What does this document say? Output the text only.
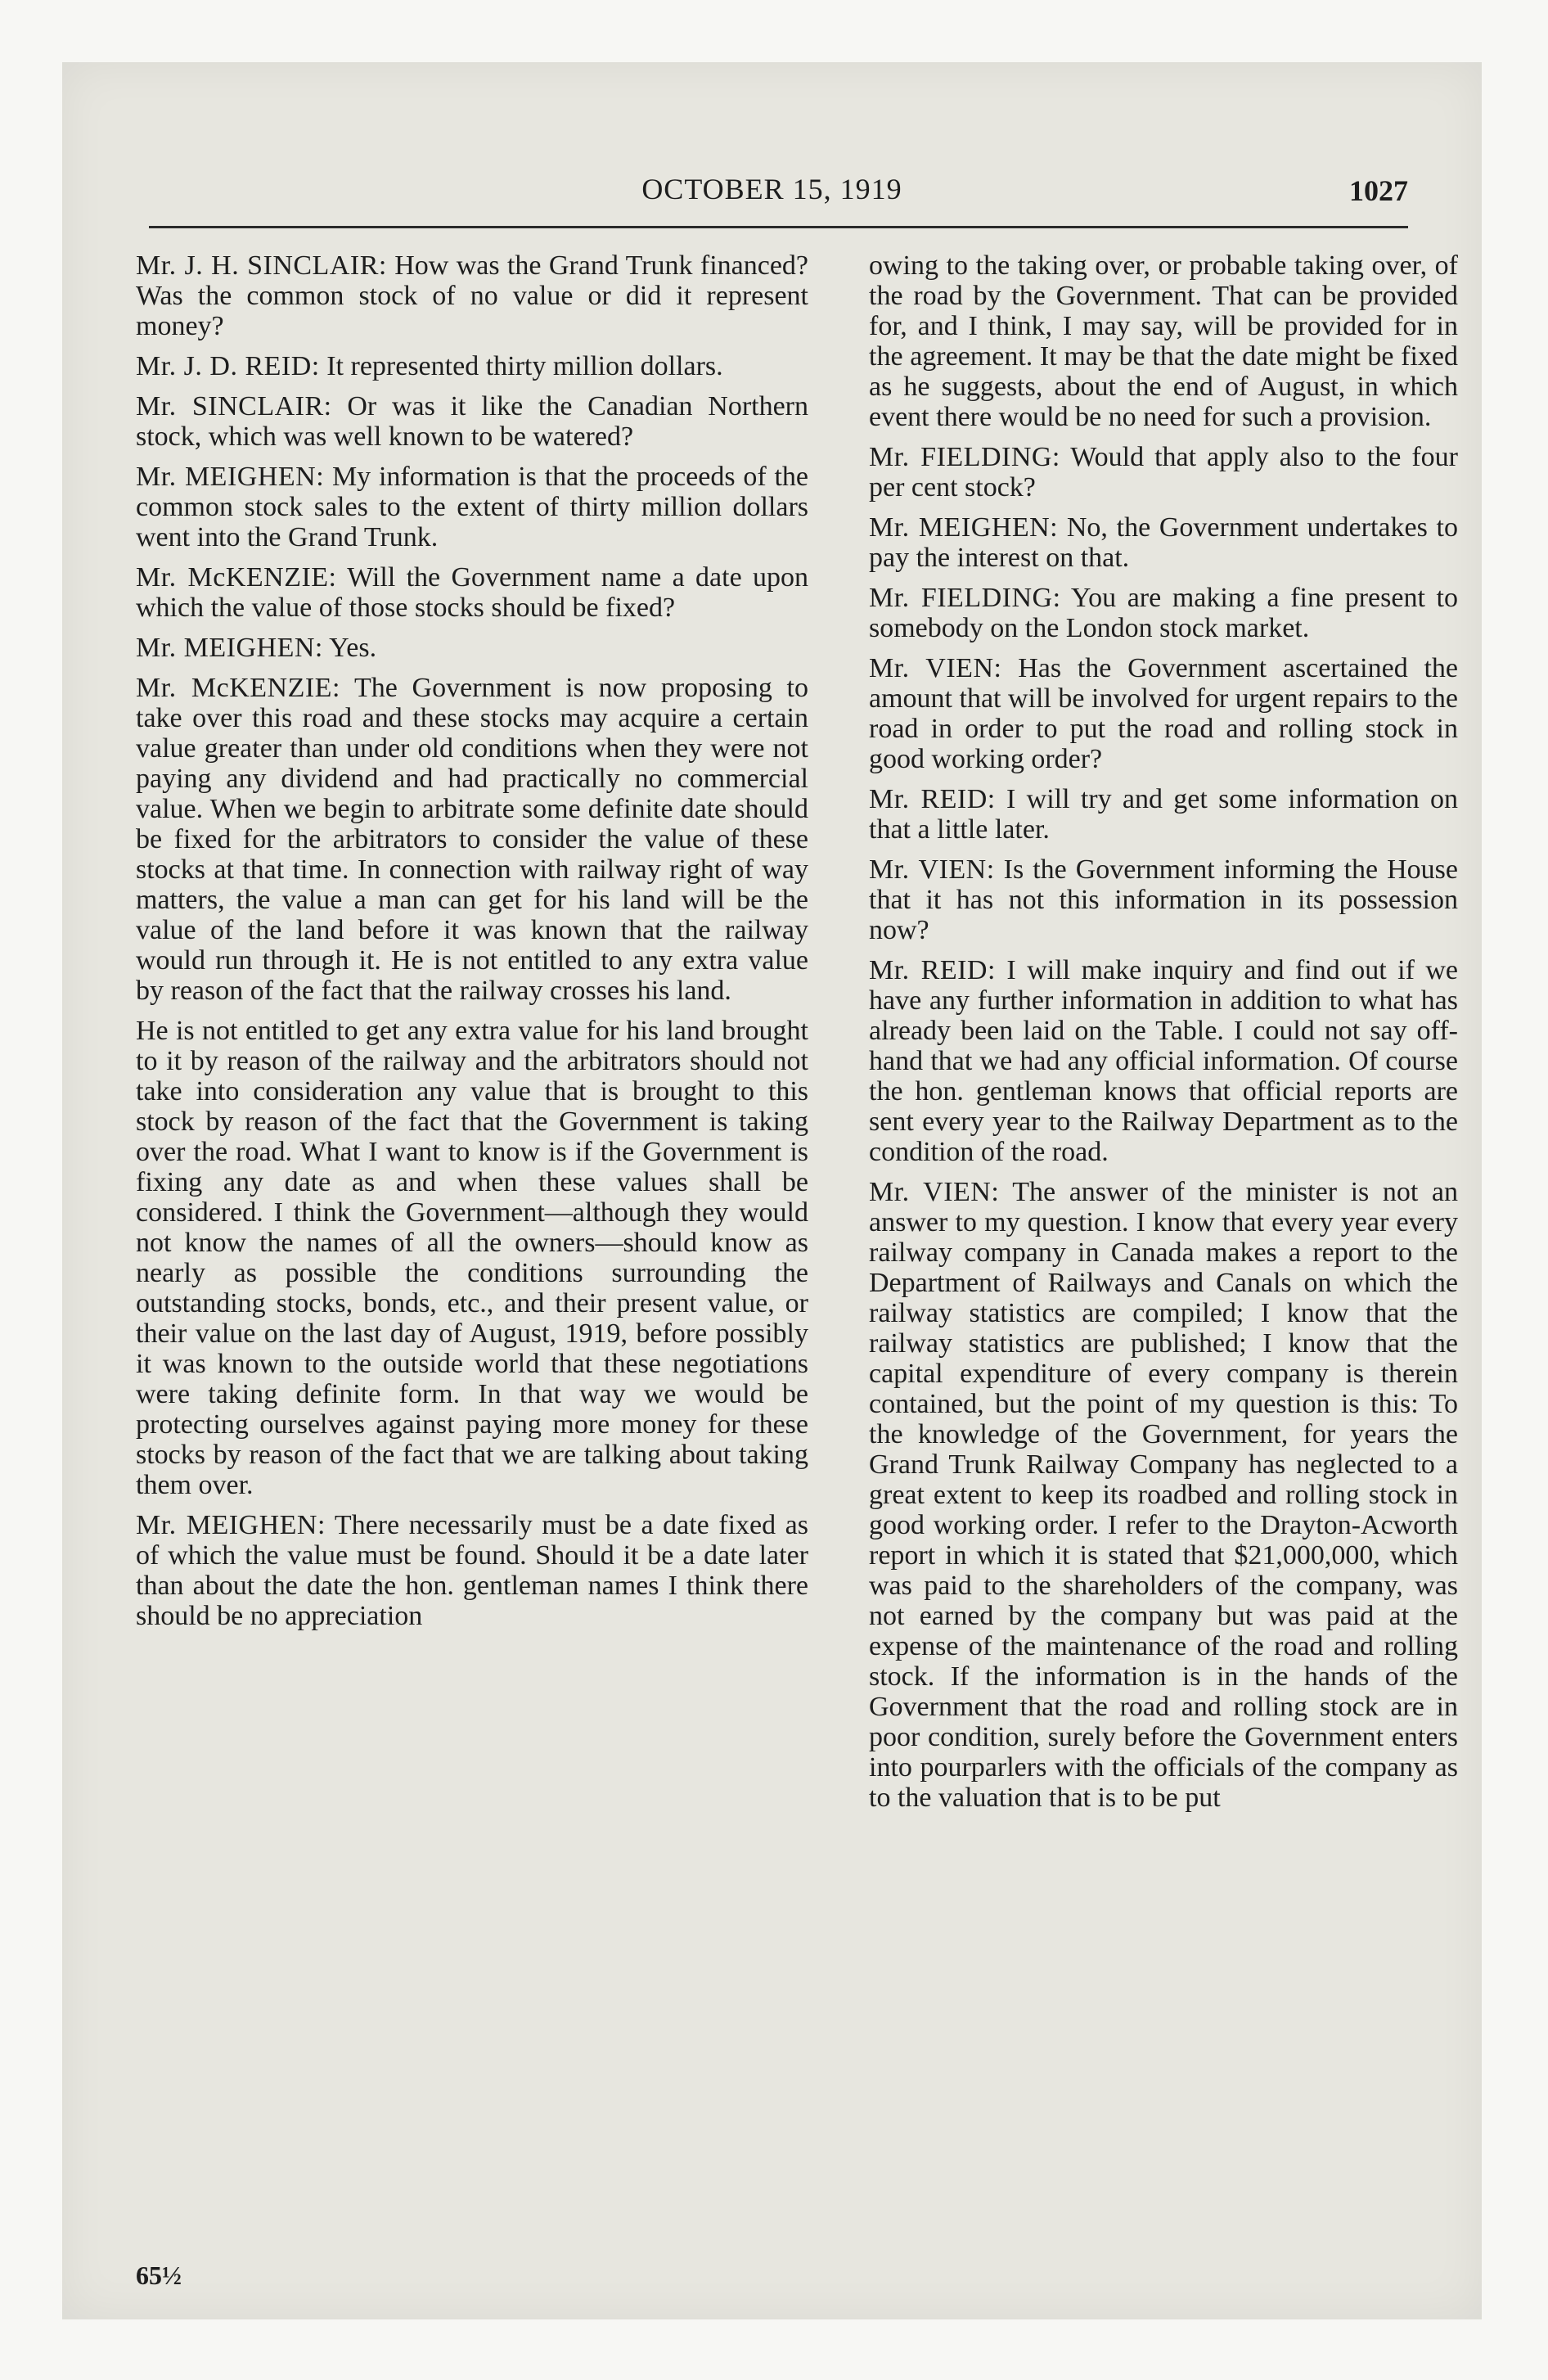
OCTOBER 15, 1919	1027

Mr. J. H. SINCLAIR: How was the Grand Trunk financed? Was the common stock of no value or did it represent money?

Mr. J. D. REID: It represented thirty million dollars.

Mr. SINCLAIR: Or was it like the Canadian Northern stock, which was well known to be watered?

Mr. MEIGHEN: My information is that the proceeds of the common stock sales to the extent of thirty million dollars went into the Grand Trunk.

Mr. McKENZIE: Will the Government name a date upon which the value of those stocks should be fixed?

Mr. MEIGHEN: Yes.

Mr. McKENZIE: The Government is now proposing to take over this road and these stocks may acquire a certain value greater than under old conditions when they were not paying any dividend and had practically no commercial value. When we begin to arbitrate some definite date should be fixed for the arbitrators to consider the value of these stocks at that time. In connection with railway right of way matters, the value a man can get for his land will be the value of the land before it was known that the railway would run through it. He is not entitled to any extra value by reason of the fact that the railway crosses his land.

He is not entitled to get any extra value for his land brought to it by reason of the railway and the arbitrators should not take into consideration any value that is brought to this stock by reason of the fact that the Government is taking over the road. What I want to know is if the Government is fixing any date as and when these values shall be considered. I think the Government—although they would not know the names of all the owners—should know as nearly as possible the conditions surrounding the outstanding stocks, bonds, etc., and their present value, or their value on the last day of August, 1919, before possibly it was known to the outside world that these negotiations were taking definite form. In that way we would be protecting ourselves against paying more money for these stocks by reason of the fact that we are talking about taking them over.

Mr. MEIGHEN: There necessarily must be a date fixed as of which the value must be found. Should it be a date later than about the date the hon. gentleman names I think there should be no appreciation

owing to the taking over, or probable taking over, of the road by the Government. That can be provided for, and I think, I may say, will be provided for in the agreement. It may be that the date might be fixed as he suggests, about the end of August, in which event there would be no need for such a provision.

Mr. FIELDING: Would that apply also to the four per cent stock?

Mr. MEIGHEN: No, the Government undertakes to pay the interest on that.

Mr. FIELDING: You are making a fine present to somebody on the London stock market.

Mr. VIEN: Has the Government ascertained the amount that will be involved for urgent repairs to the road in order to put the road and rolling stock in good working order?

Mr. REID: I will try and get some information on that a little later.

Mr. VIEN: Is the Government informing the House that it has not this information in its possession now?

Mr. REID: I will make inquiry and find out if we have any further information in addition to what has already been laid on the Table. I could not say off-hand that we had any official information. Of course the hon. gentleman knows that official reports are sent every year to the Railway Department as to the condition of the road.

Mr. VIEN: The answer of the minister is not an answer to my question. I know that every year every railway company in Canada makes a report to the Department of Railways and Canals on which the railway statistics are compiled; I know that the railway statistics are published; I know that the capital expenditure of every company is therein contained, but the point of my question is this: To the knowledge of the Government, for years the Grand Trunk Railway Company has neglected to a great extent to keep its roadbed and rolling stock in good working order. I refer to the Drayton-Acworth report in which it is stated that $21,000,000, which was paid to the shareholders of the company, was not earned by the company but was paid at the expense of the maintenance of the road and rolling stock. If the information is in the hands of the Government that the road and rolling stock are in poor condition, surely before the Government enters into pourparlers with the officials of the company as to the valuation that is to be put

65½
